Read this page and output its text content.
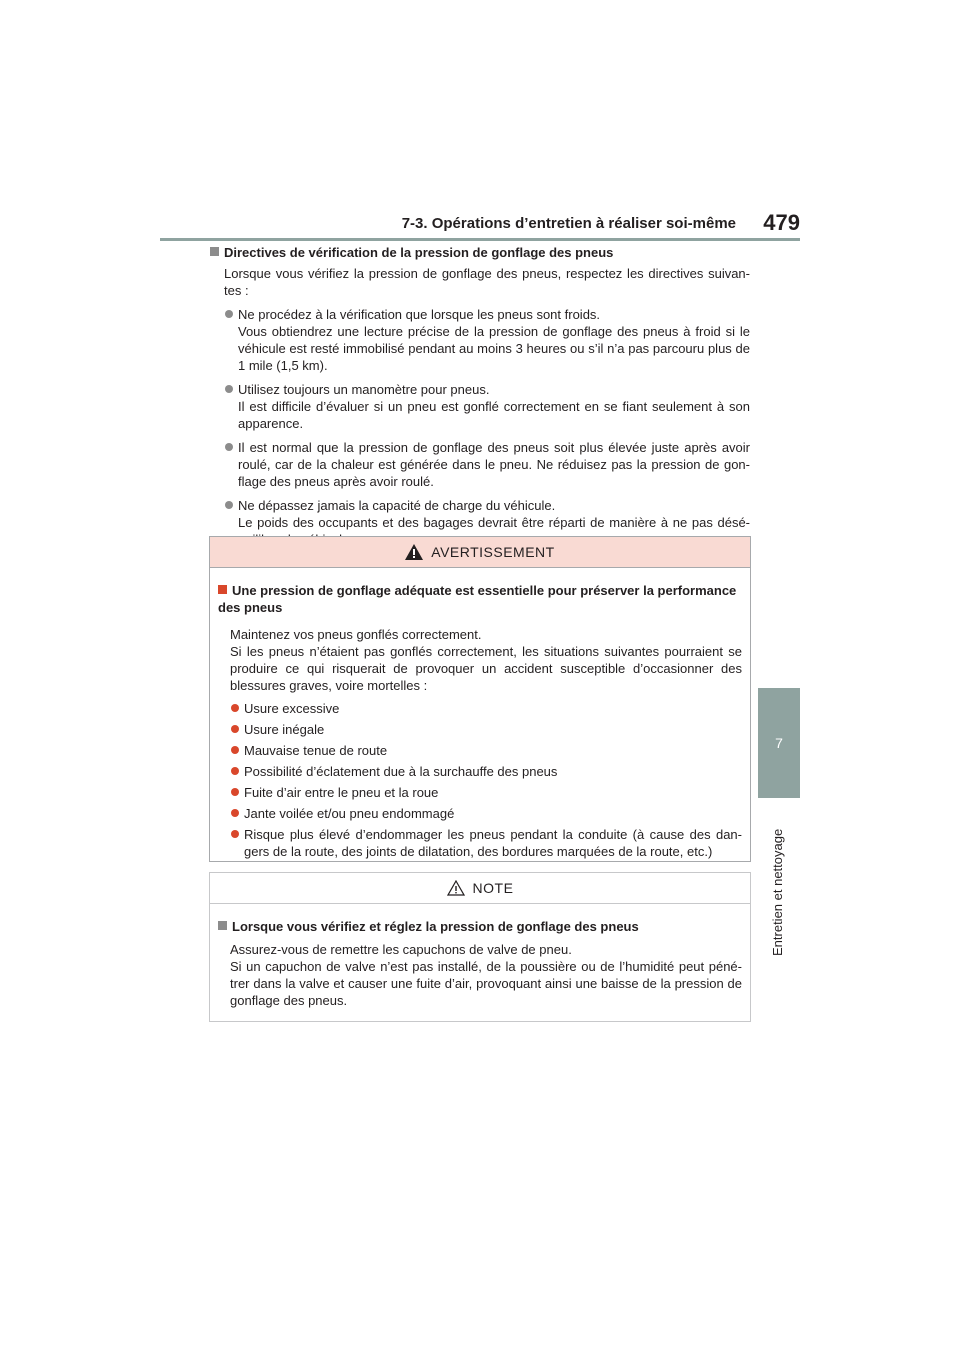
7-3. Opérations d’entretien à réaliser soi-même 479
7
Entretien et nettoyage
Directives de vérification de la pression de gonflage des pneus
Lorsque vous vérifiez la pression de gonflage des pneus, respectez les directives suivan-tes :
Ne procédez à la vérification que lorsque les pneus sont froids.
Vous obtiendrez une lecture précise de la pression de gonflage des pneus à froid si le véhicule est resté immobilisé pendant au moins 3 heures ou s’il n’a pas parcouru plus de 1 mile (1,5 km).
Utilisez toujours un manomètre pour pneus.
Il est difficile d’évaluer si un pneu est gonflé correctement en se fiant seulement à son apparence.
Il est normal que la pression de gonflage des pneus soit plus élevée juste après avoir roulé, car de la chaleur est générée dans le pneu. Ne réduisez pas la pression de gon-flage des pneus après avoir roulé.
Ne dépassez jamais la capacité de charge du véhicule.
Le poids des occupants et des bagages devrait être réparti de manière à ne pas désé-
AVERTISSEMENT
Une pression de gonflage adéquate est essentielle pour préserver la performance des pneus
Maintenez vos pneus gonflés correctement.
Si les pneus n’étaient pas gonflés correctement, les situations suivantes pourraient se produire ce qui risquerait de provoquer un accident susceptible d’occasionner des blessures graves, voire mortelles :
Usure excessive
Usure inégale
Mauvaise tenue de route
Possibilité d’éclatement due à la surchauffe des pneus
Fuite d’air entre le pneu et la roue
Jante voilée et/ou pneu endommagé
Risque plus élevé d’endommager les pneus pendant la conduite (à cause des dan-gers de la route, des joints de dilatation, des bordures marquées de la route, etc.)
NOTE
Lorsque vous vérifiez et réglez la pression de gonflage des pneus
Assurez-vous de remettre les capuchons de valve de pneu.
Si un capuchon de valve n’est pas installé, de la poussière ou de l’humidité peut péné-trer dans la valve et causer une fuite d’air, provoquant ainsi une baisse de la pression de gonflage des pneus.
